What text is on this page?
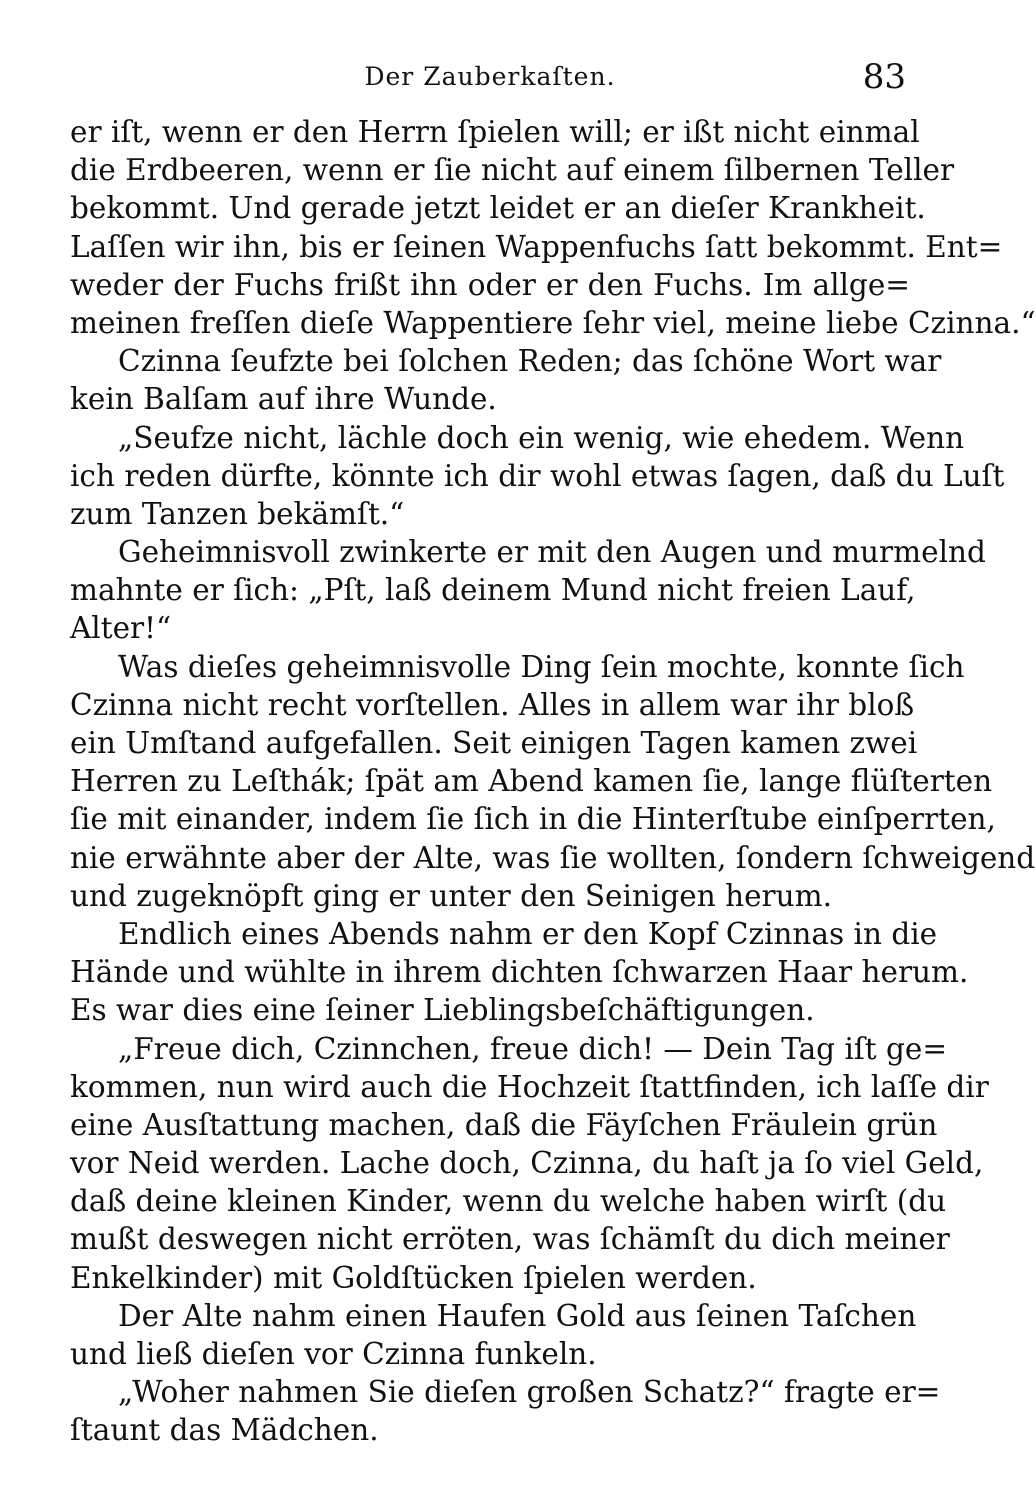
Der Zauberkaſten.	83
er iſt, wenn er den Herrn ſpielen will; er ißt nicht einmal
die Erdbeeren, wenn er ſie nicht auf einem ſilbernen Teller
bekommt. Und gerade jetzt leidet er an dieſer Krankheit.
Laſſen wir ihn, bis er ſeinen Wappenfuchs ſatt bekommt. Ent=
weder der Fuchs frißt ihn oder er den Fuchs. Im allge=
meinen freſſen dieſe Wappentiere ſehr viel, meine liebe Czinna.“
Czinna ſeufzte bei ſolchen Reden; das ſchöne Wort war
kein Balſam auf ihre Wunde.
„Seufze nicht, lächle doch ein wenig, wie ehedem. Wenn
ich reden dürfte, könnte ich dir wohl etwas ſagen, daß du Luſt
zum Tanzen bekämſt.“
Geheimnisvoll zwinkerte er mit den Augen und murmelnd
mahnte er ſich: „Pſt, laß deinem Mund nicht freien Lauf,
Alter!“
Was dieſes geheimnisvolle Ding ſein mochte, konnte ſich
Czinna nicht recht vorſtellen. Alles in allem war ihr bloß
ein Umſtand aufgefallen. Seit einigen Tagen kamen zwei
Herren zu Leſthák; ſpät am Abend kamen ſie, lange flüſterten
ſie mit einander, indem ſie ſich in die Hinterſtube einſperrten,
nie erwähnte aber der Alte, was ſie wollten, ſondern ſchweigend
und zugeknöpft ging er unter den Seinigen herum.
Endlich eines Abends nahm er den Kopf Czinnas in die
Hände und wühlte in ihrem dichten ſchwarzen Haar herum.
Es war dies eine ſeiner Lieblingsbeſchäftigungen.
„Freue dich, Czinnchen, freue dich! — Dein Tag iſt ge=
kommen, nun wird auch die Hochzeit ſtattfinden, ich laſſe dir
eine Ausſtattung machen, daß die Fäyſchen Fräulein grün
vor Neid werden. Lache doch, Czinna, du haſt ja ſo viel Geld,
daß deine kleinen Kinder, wenn du welche haben wirſt (du
mußt deswegen nicht erröten, was ſchämſt du dich meiner
Enkelkinder) mit Goldſtücken ſpielen werden.
Der Alte nahm einen Haufen Gold aus ſeinen Taſchen
und ließ dieſen vor Czinna funkeln.
„Woher nahmen Sie dieſen großen Schatz?“ fragte er=
ſtaunt das Mädchen.
